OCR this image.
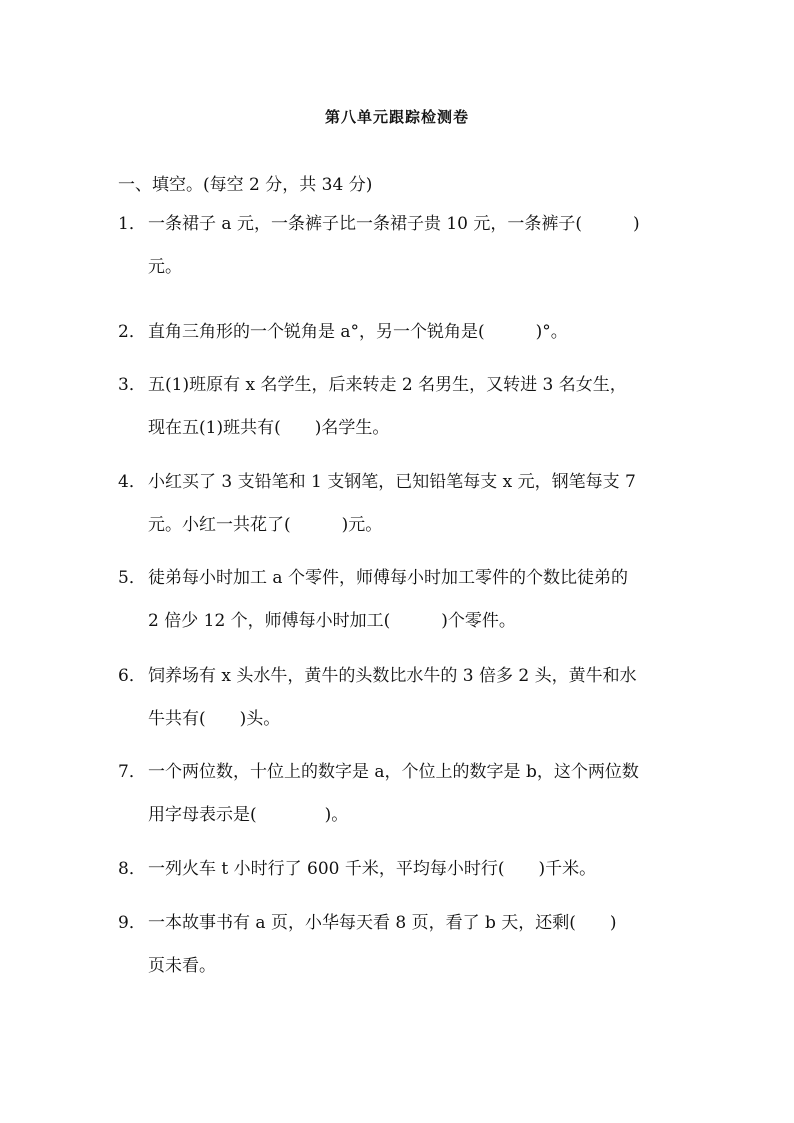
第八单元跟踪检测卷
一、填空。(每空 2 分，共 34 分)
1． 一条裙子 a 元，一条裤子比一条裙子贵 10 元，一条裤子(　　　)
元。
2． 直角三角形的一个锐角是 a°，另一个锐角是(　　　)°。
3． 五(1)班原有 x 名学生，后来转走 2 名男生，又转进 3 名女生，
现在五(1)班共有(　　)名学生。
4． 小红买了 3 支铅笔和 1 支钢笔，已知铅笔每支 x 元，钢笔每支 7
元。小红一共花了(　　　)元。
5． 徒弟每小时加工 a 个零件，师傅每小时加工零件的个数比徒弟的
2 倍少 12 个，师傅每小时加工(　　　)个零件。
6． 饲养场有 x 头水牛，黄牛的头数比水牛的 3 倍多 2 头，黄牛和水
牛共有(　　)头。
7． 一个两位数，十位上的数字是 a，个位上的数字是 b，这个两位数
用字母表示是(　　　　)。
8． 一列火车 t 小时行了 600 千米，平均每小时行(　　)千米。
9． 一本故事书有 a 页，小华每天看 8 页，看了 b 天，还剩(　　)
页未看。
